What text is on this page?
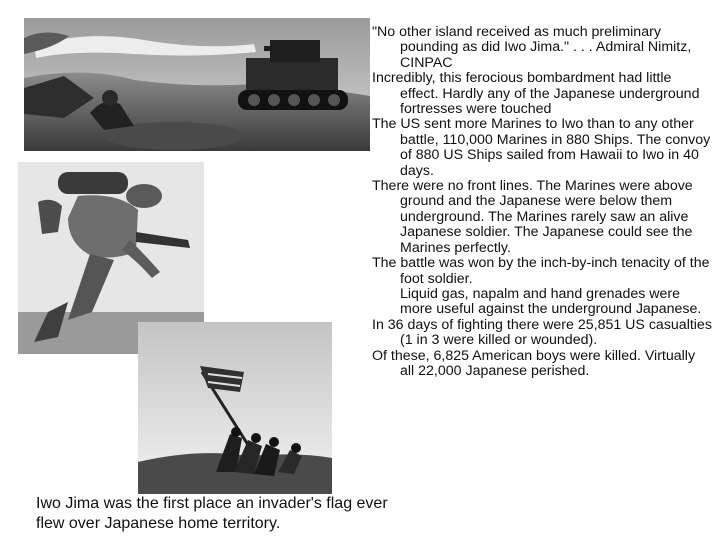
"No other island received as much preliminary pounding as did Iwo Jima." . . . Admiral Nimitz, CINPAC

Incredibly, this ferocious bombardment had little effect. Hardly any of the Japanese underground fortresses were touched

The US sent more Marines to Iwo than to any other battle, 110,000 Marines in 880 Ships. The convoy of 880 US Ships sailed from Hawaii to Iwo in 40 days.

There were no front lines. The Marines were above ground and the Japanese were below them underground. The Marines rarely saw an alive Japanese soldier. The Japanese could see the Marines perfectly.

The battle was won by the inch-by-inch tenacity of the foot soldier.

Liquid gas, napalm and hand grenades were more useful against the underground Japanese.

In 36 days of fighting there were 25,851 US casualties (1 in 3 were killed or wounded).

Of these, 6,825 American boys were killed. Virtually all 22,000 Japanese perished.

Iwo Jima was the first place an invader's flag ever flew over Japanese home territory.
